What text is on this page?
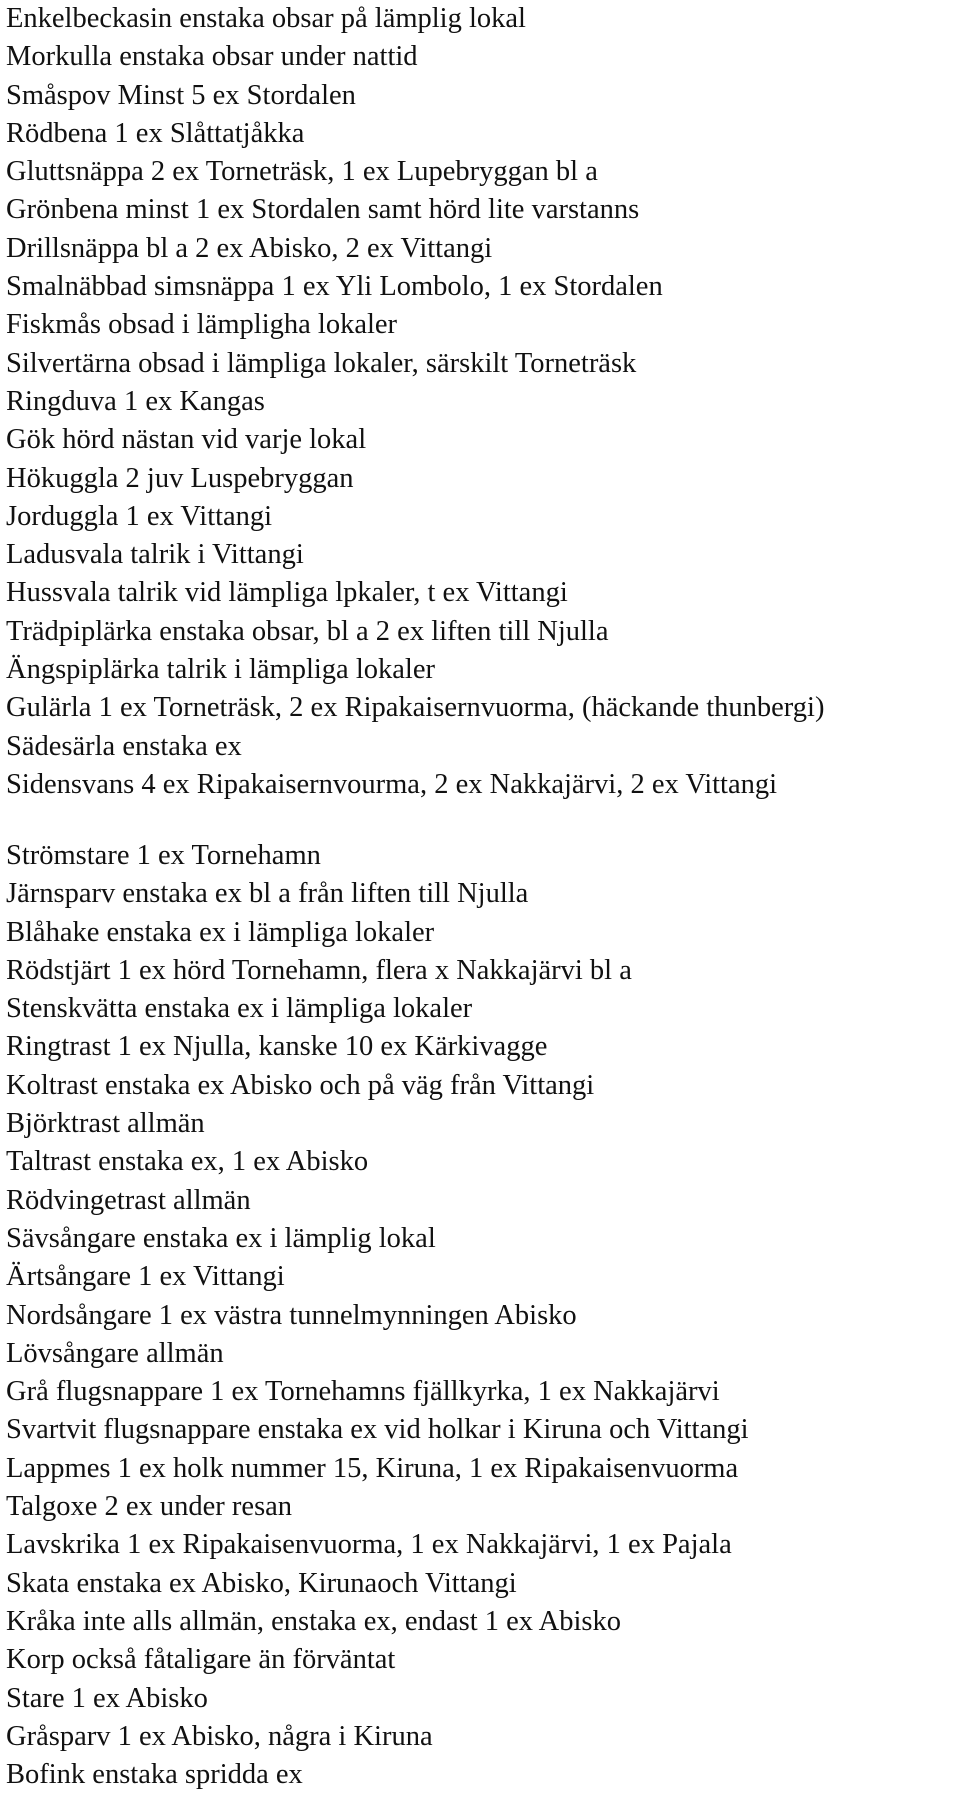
Enkelbeckasin enstaka obsar på lämplig lokal
Morkulla enstaka obsar under nattid
Småspov Minst 5 ex Stordalen
Rödbena 1 ex Slåttatjåkka
Gluttsnäppa 2 ex Torneträsk, 1 ex Lupebryggan bl a
Grönbena minst 1 ex Stordalen samt hörd lite varstanns
Drillsnäppa bl a 2 ex Abisko, 2 ex Vittangi
Smalnäbbad simsnäppa 1 ex Yli Lombolo, 1 ex Stordalen
Fiskmås obsad i lämpligha lokaler
Silvertärna obsad i lämpliga lokaler, särskilt Torneträsk
Ringduva 1 ex Kangas
Gök hörd nästan vid varje lokal
Hökuggla 2 juv Luspebryggan
Jorduggla 1 ex Vittangi
Ladusvala talrik i Vittangi
Hussvala talrik vid lämpliga lpkaler, t ex Vittangi
Trädpiplärka enstaka obsar, bl a 2 ex liften till Njulla
Ängspiplärka talrik i lämpliga lokaler
Gulärla 1 ex Torneträsk, 2 ex Ripakaisernvuorma, (häckande thunbergi)
Sädesärla enstaka ex
Sidensvans 4 ex Ripakaisernvourma, 2 ex Nakkajärvi, 2 ex Vittangi
Strömstare 1 ex Tornehamn
Järnsparv enstaka ex bl a från liften till Njulla
Blåhake enstaka ex i lämpliga lokaler
Rödstjärt 1 ex hörd Tornehamn, flera x Nakkajärvi bl a
Stenskvätta enstaka ex i lämpliga lokaler
Ringtrast 1 ex Njulla, kanske 10 ex Kärkivagge
Koltrast enstaka ex Abisko och på väg från Vittangi
Björktrast allmän
Taltrast enstaka ex, 1 ex Abisko
Rödvingetrast allmän
Sävsångare enstaka ex i lämplig lokal
Ärtsångare 1 ex Vittangi
Nordsångare 1 ex västra tunnelmynningen Abisko
Lövsångare allmän
Grå flugsnappare 1 ex Tornehamns fjällkyrka, 1 ex Nakkajärvi
Svartvit flugsnappare enstaka ex vid holkar i Kiruna och Vittangi
Lappmes 1 ex holk nummer 15, Kiruna, 1 ex Ripakaisenvuorma
Talgoxe 2 ex under resan
Lavskrika 1 ex Ripakaisenvuorma, 1 ex Nakkajärvi, 1 ex Pajala
Skata enstaka ex Abisko, Kirunaoch Vittangi
Kråka inte alls allmän, enstaka ex, endast 1 ex Abisko
Korp också fåtaligare än förväntat
Stare 1 ex Abisko
Gråsparv 1 ex Abisko, några i Kiruna
Bofink enstaka spridda ex
